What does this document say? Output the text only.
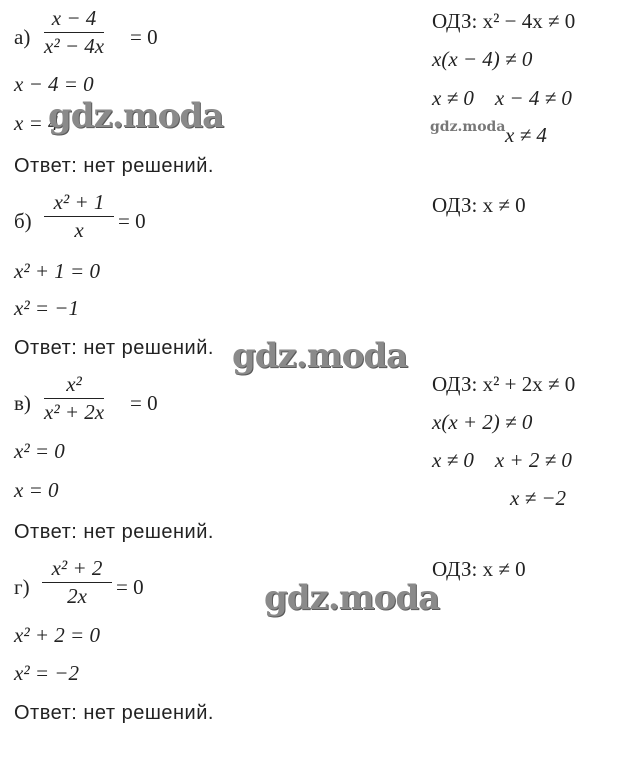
а)
x − 4
x² − 4x = 0
x − 4 = 0
x = 4
Ответ: нет решений.
ОДЗ: x² − 4x ≠ 0
x(x − 4) ≠ 0
x ≠ 0    x − 4 ≠ 0
x ≠ 4
б)
x² + 1
x = 0
x² + 1 = 0
x² = −1
Ответ: нет решений.
ОДЗ: x ≠ 0
в)
x²
x² + 2x = 0
x² = 0
x = 0
Ответ: нет решений.
ОДЗ: x² + 2x ≠ 0
x(x + 2) ≠ 0
x ≠ 0    x + 2 ≠ 0
x ≠ −2
г)
x² + 2
2x = 0
x² + 2 = 0
x² = −2
Ответ: нет решений.
ОДЗ: x ≠ 0
gdz.moda	gdz.moda
gdz.moda
gdz.moda
